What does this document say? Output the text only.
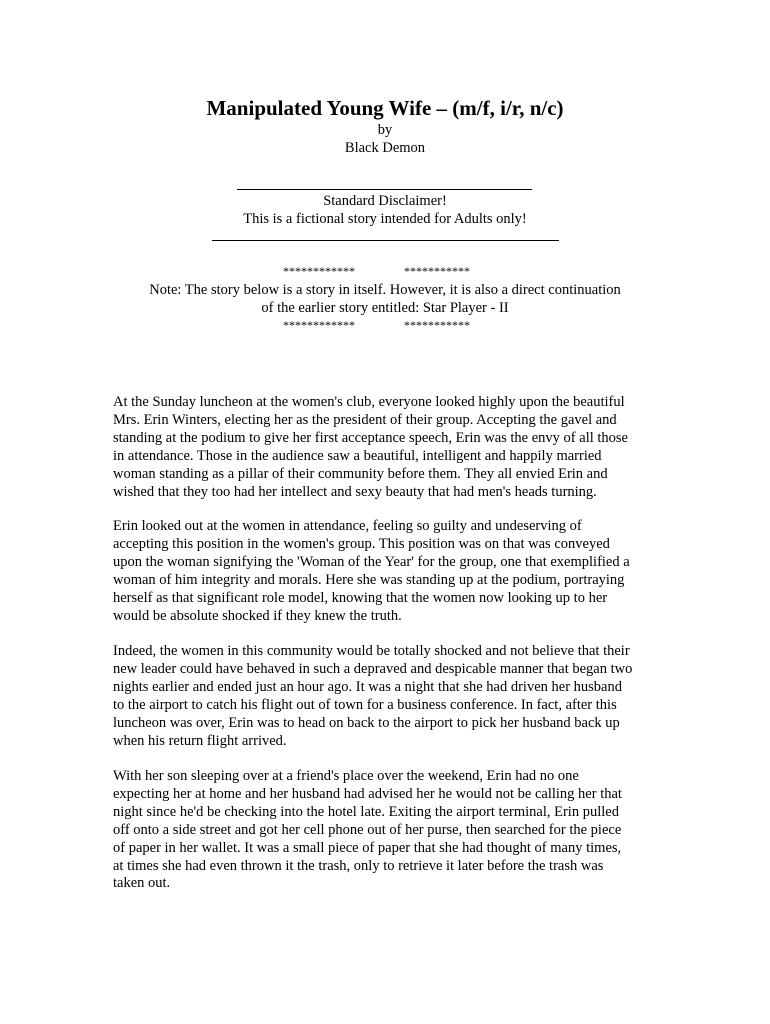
Manipulated Young Wife – (m/f, i/r, n/c)
by
Black Demon
Standard Disclaimer!
This is a fictional story intended for Adults only!
************	***********
Note: The story below is a story in itself. However, it is also a direct continuation
of the earlier story entitled: Star Player - II
************	***********
At the Sunday luncheon at the women's club, everyone looked highly upon the beautiful
Mrs. Erin Winters, electing her as the president of their group. Accepting the gavel and
standing at the podium to give her first acceptance speech, Erin was the envy of all those
in attendance. Those in the audience saw a beautiful, intelligent and happily married
woman standing as a pillar of their community before them. They all envied Erin and
wished that they too had her intellect and sexy beauty that had men's heads turning.
Erin looked out at the women in attendance, feeling so guilty and undeserving of
accepting this position in the women's group. This position was on that was conveyed
upon the woman signifying the 'Woman of the Year' for the group, one that exemplified a
woman of him integrity and morals. Here she was standing up at the podium, portraying
herself as that significant role model, knowing that the women now looking up to her
would be absolute shocked if they knew the truth.
Indeed, the women in this community would be totally shocked and not believe that their
new leader could have behaved in such a depraved and despicable manner that began two
nights earlier and ended just an hour ago. It was a night that she had driven her husband
to the airport to catch his flight out of town for a business conference. In fact, after this
luncheon was over, Erin was to head on back to the airport to pick her husband back up
when his return flight arrived.
With her son sleeping over at a friend's place over the weekend, Erin had no one
expecting her at home and her husband had advised her he would not be calling her that
night since he'd be checking into the hotel late. Exiting the airport terminal, Erin pulled
off onto a side street and got her cell phone out of her purse, then searched for the piece
of paper in her wallet. It was a small piece of paper that she had thought of many times,
at times she had even thrown it the trash, only to retrieve it later before the trash was
taken out.
